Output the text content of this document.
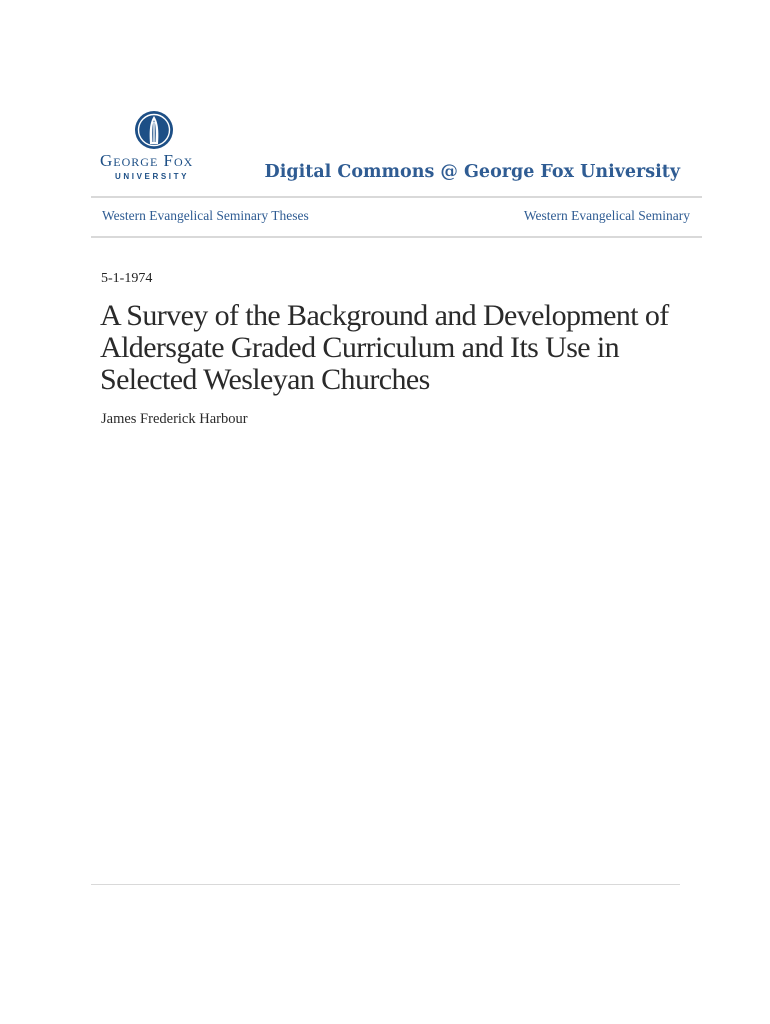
George Fox
UNIVERSITY	Digital Commons @ George Fox University
Western Evangelical Seminary Theses	Western Evangelical Seminary
5-1-1974
A Survey of the Background and Development of Aldersgate Graded Curriculum and Its Use in Selected Wesleyan Churches
James Frederick Harbour
